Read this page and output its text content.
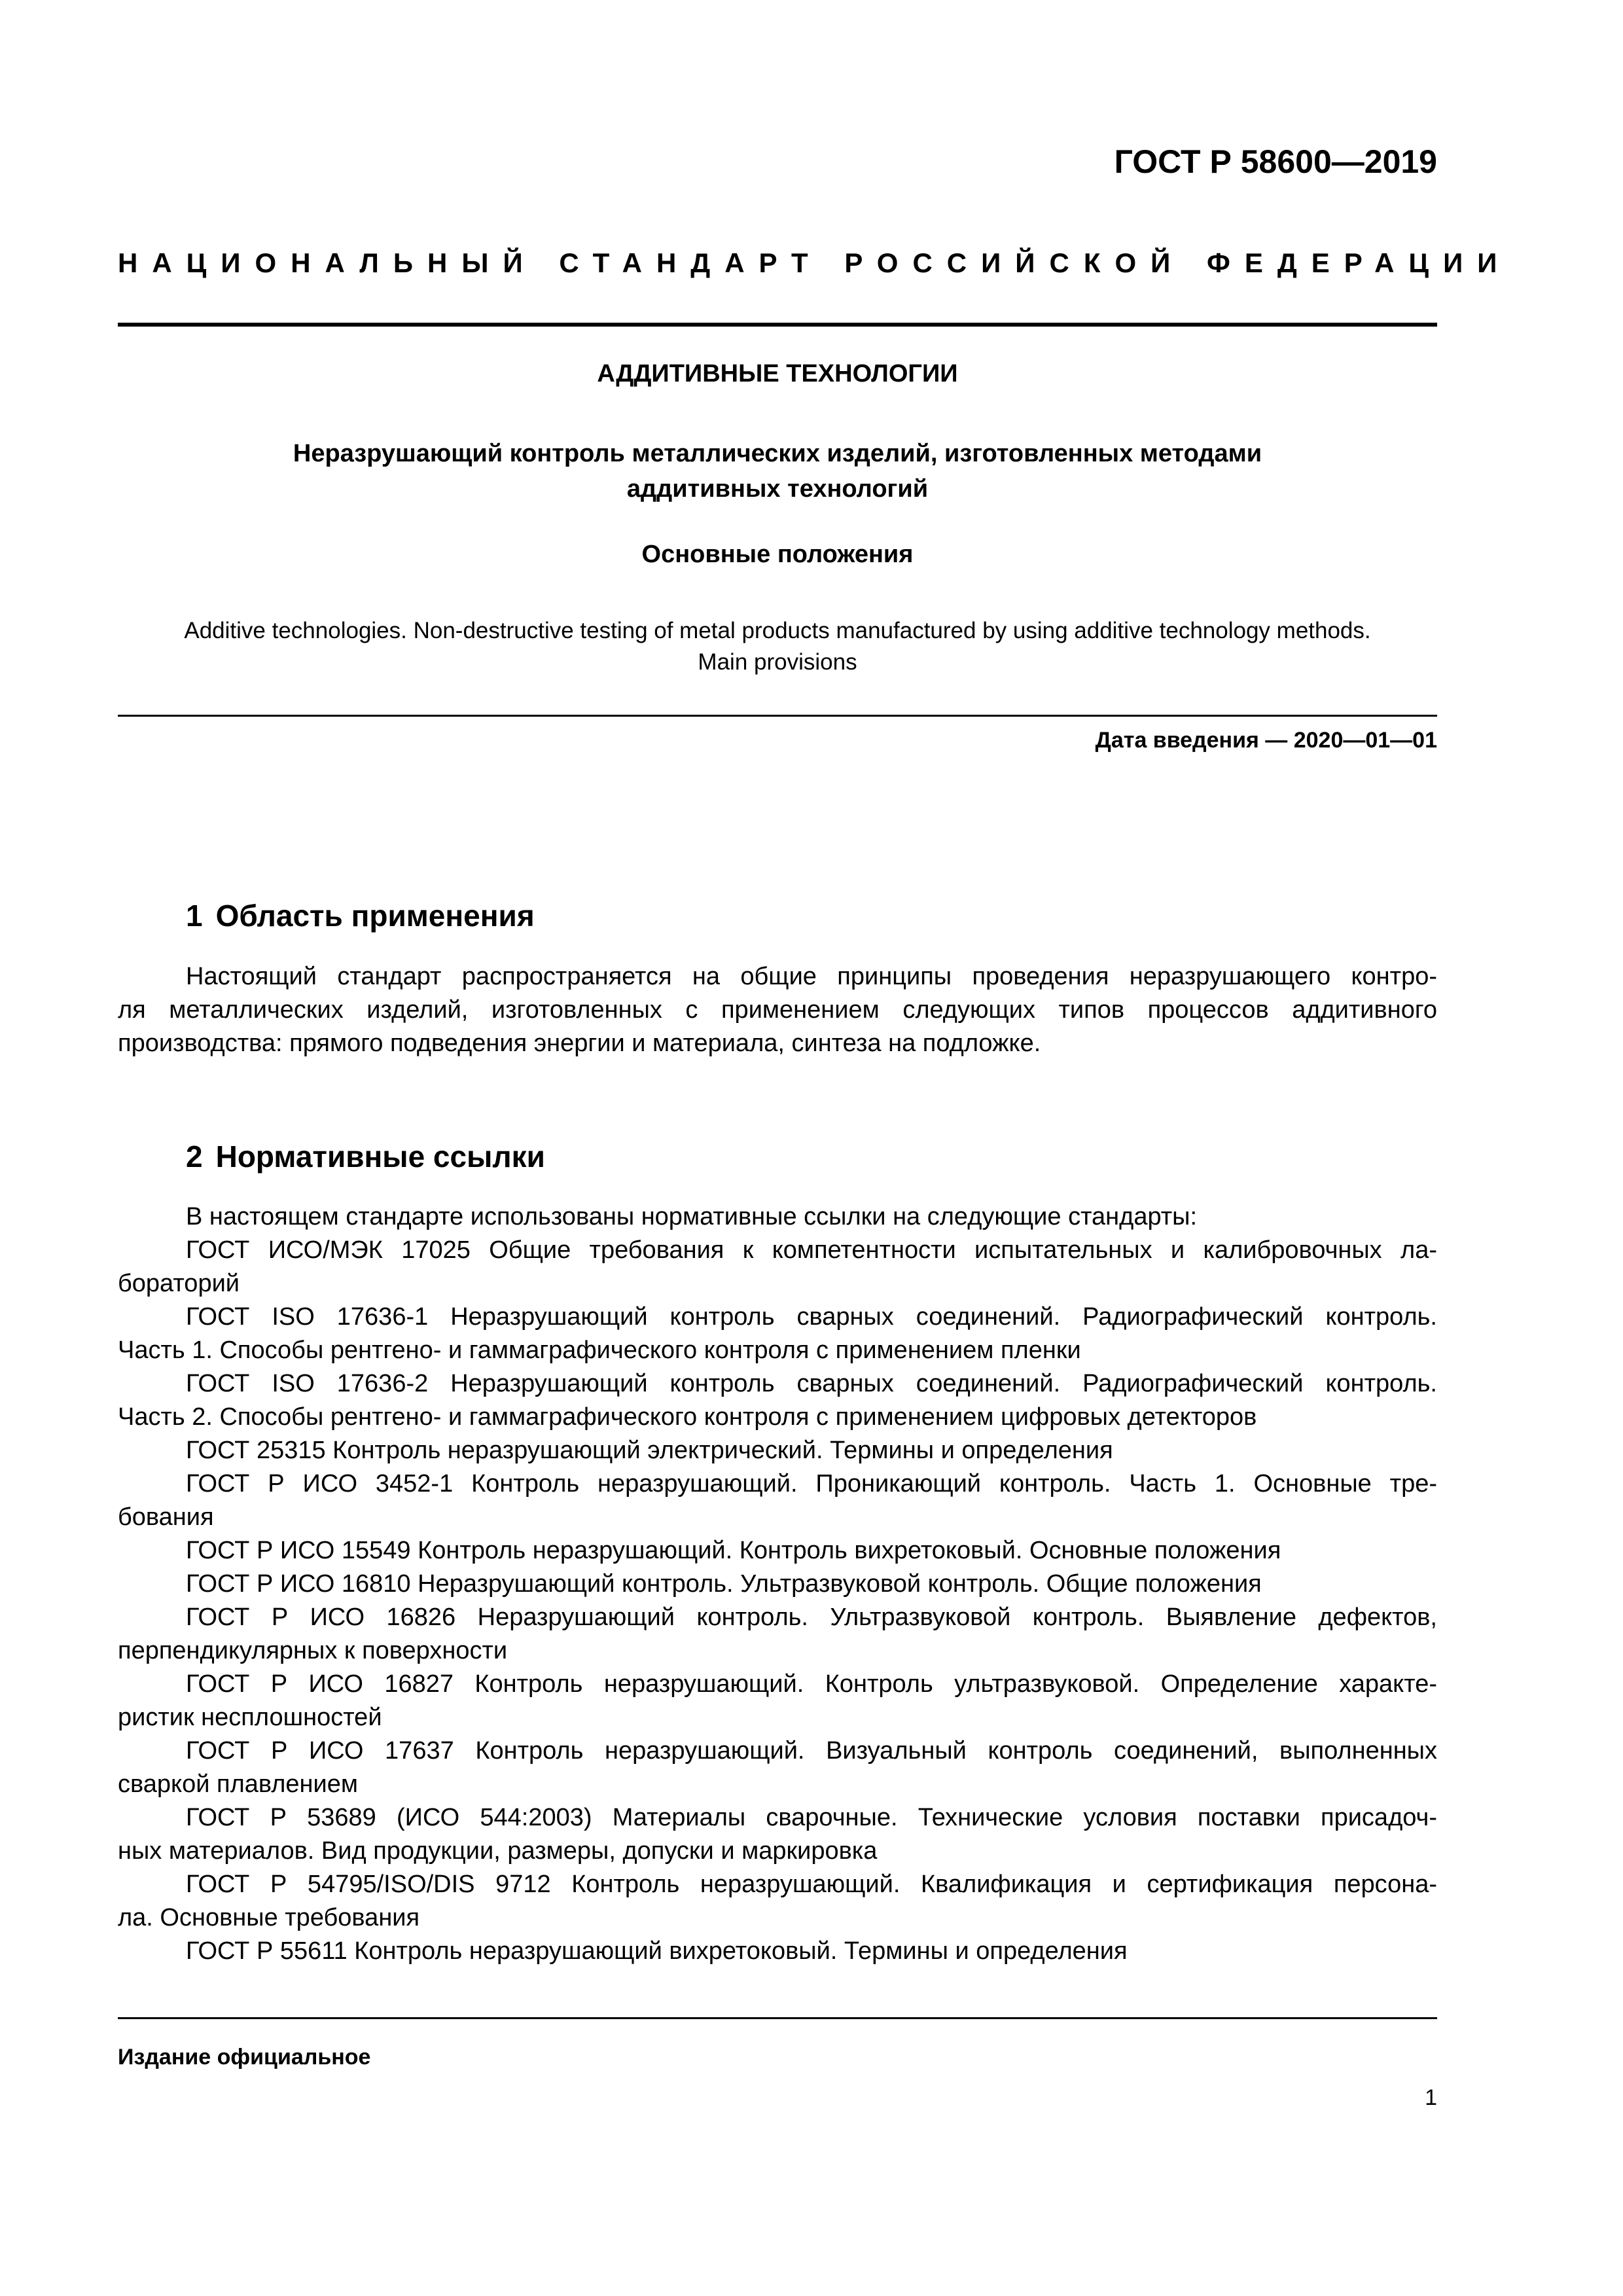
ГОСТ Р 58600—2019
НАЦИОНАЛЬНЫЙ СТАНДАРТ РОССИЙСКОЙ ФЕДЕРАЦИИ
АДДИТИВНЫЕ ТЕХНОЛОГИИ
Неразрушающий контроль металлических изделий, изготовленных методами
аддитивных технологий
Основные положения
Additive technologies. Non-destructive testing of metal products manufactured by using additive technology methods.
Main provisions
Дата введения — 2020—01—01
1 Область применения
Настоящий стандарт распространяется на общие принципы проведения неразрушающего контро-
ля металлических изделий, изготовленных с применением следующих типов процессов аддитивного
производства: прямого подведения энергии и материала, синтеза на подложке.
2 Нормативные ссылки
В настоящем стандарте использованы нормативные ссылки на следующие стандарты:
ГОСТ ИСО/МЭК 17025 Общие требования к компетентности испытательных и калибровочных ла-
бораторий
ГОСТ ISO 17636-1 Неразрушающий контроль сварных соединений. Радиографический контроль.
Часть 1. Способы рентгено- и гаммаграфического контроля с применением пленки
ГОСТ ISO 17636-2 Неразрушающий контроль сварных соединений. Радиографический контроль.
Часть 2. Способы рентгено- и гаммаграфического контроля с применением цифровых детекторов
ГОСТ 25315 Контроль неразрушающий электрический. Термины и определения
ГОСТ Р ИСО 3452-1 Контроль неразрушающий. Проникающий контроль. Часть 1. Основные тре-
бования
ГОСТ Р ИСО 15549 Контроль неразрушающий. Контроль вихретоковый. Основные положения
ГОСТ Р ИСО 16810 Неразрушающий контроль. Ультразвуковой контроль. Общие положения
ГОСТ Р ИСО 16826 Неразрушающий контроль. Ультразвуковой контроль. Выявление дефектов,
перпендикулярных к поверхности
ГОСТ Р ИСО 16827 Контроль неразрушающий. Контроль ультразвуковой. Определение характе-
ристик несплошностей
ГОСТ Р ИСО 17637 Контроль неразрушающий. Визуальный контроль соединений, выполненных
сваркой плавлением
ГОСТ Р 53689 (ИСО 544:2003) Материалы сварочные. Технические условия поставки присадоч-
ных материалов. Вид продукции, размеры, допуски и маркировка
ГОСТ Р 54795/ISO/DIS 9712 Контроль неразрушающий. Квалификация и сертификация персона-
ла. Основные требования
ГОСТ Р 55611 Контроль неразрушающий вихретоковый. Термины и определения
Издание официальное
1
